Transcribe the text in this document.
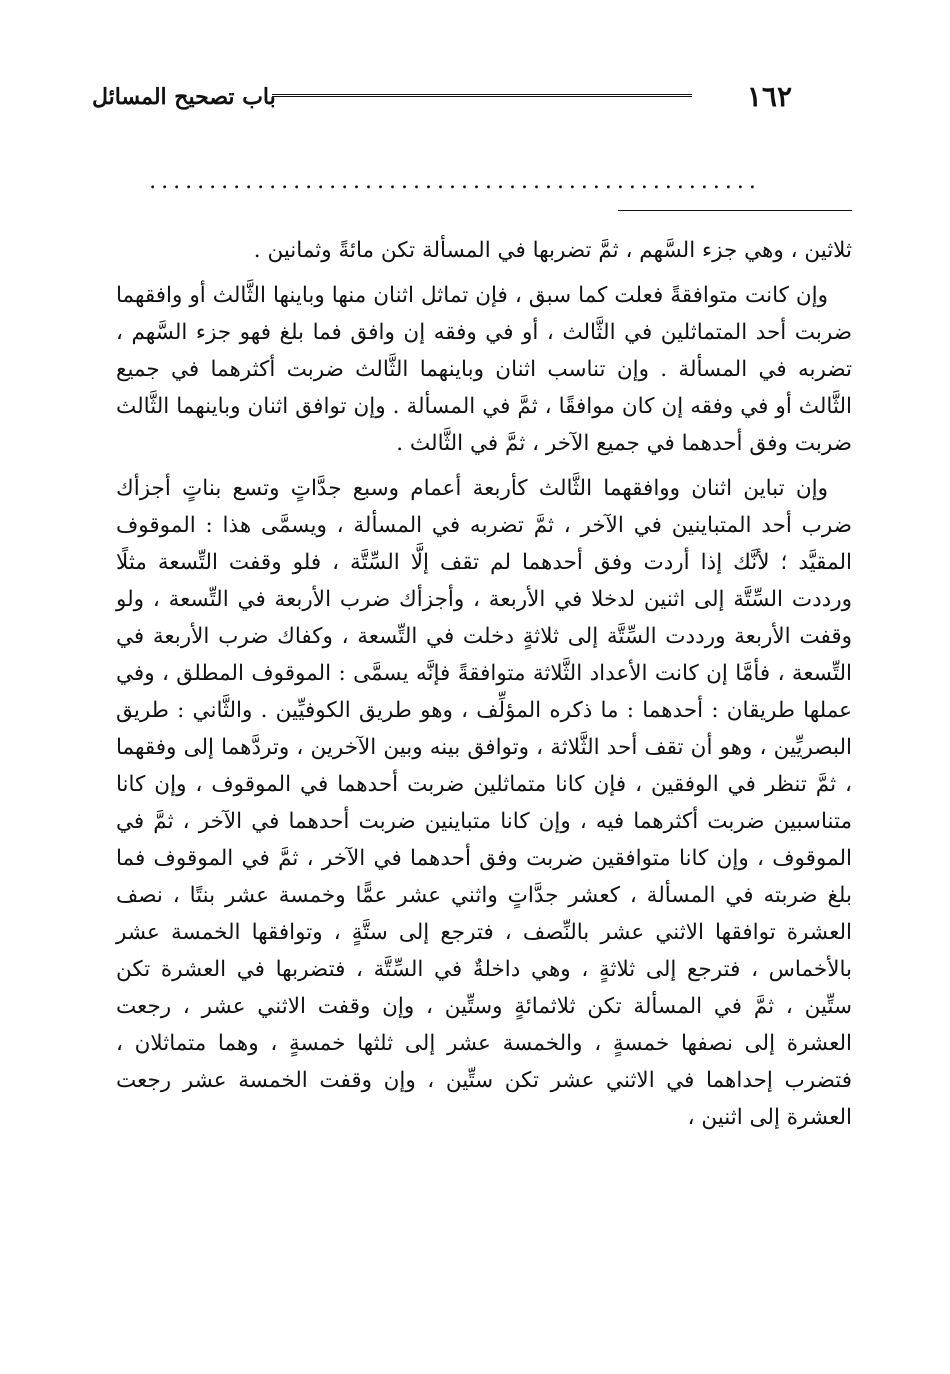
١٦٢
باب تصحيح المسائل
...................................................

ثلاثين ، وهي جزء السَّهم ، ثمَّ تضربها في المسألة تكن مائةً وثمانين .

وإن كانت متوافقةً فعلت كما سبق ، فإن تماثل اثنان منها وباينها الثَّالث أو وافقهما ضربت أحد المتماثلين في الثَّالث ، أو في وفقه إن وافق فما بلغ فهو جزء السَّهم ، تضربه في المسألة . وإن تناسب اثنان وباينهما الثَّالث ضربت أكثرهما في جميع الثَّالث أو في وفقه إن كان موافقًا ، ثمَّ في المسألة . وإن توافق اثنان وباينهما الثَّالث ضربت وفق أحدهما في جميع الآخر ، ثمَّ في الثَّالث .

وإن تباين اثنان ووافقهما الثَّالث كأربعة أعمام وسبع جدَّاتٍ وتسع بناتٍ أجزأك ضرب أحد المتباينين في الآخر ، ثمَّ تضربه في المسألة ، ويسمَّى هذا : الموقوف المقيَّد ؛ لأنَّك إذا أردت وفق أحدهما لم تقف إلَّا السِّتَّة ، فلو وقفت التِّسعة مثلًا ورددت السِّتَّة إلى اثنين لدخلا في الأربعة ، وأجزأك ضرب الأربعة في التِّسعة ، ولو وقفت الأربعة ورددت السِّتَّة إلى ثلاثةٍ دخلت في التِّسعة ، وكفاك ضرب الأربعة في التِّسعة ، فأمَّا إن كانت الأعداد الثَّلاثة متوافقةً فإنَّه يسمَّى : الموقوف المطلق ، وفي عملها طريقان : أحدهما : ما ذكره المؤلِّف ، وهو طريق الكوفيِّين . والثَّاني : طريق البصريِّين ، وهو أن تقف أحد الثَّلاثة ، وتوافق بينه وبين الآخرين ، وتردَّهما إلى وفقهما ، ثمَّ تنظر في الوفقين ، فإن كانا متماثلين ضربت أحدهما في الموقوف ، وإن كانا متناسبين ضربت أكثرهما فيه ، وإن كانا متباينين ضربت أحدهما في الآخر ، ثمَّ في الموقوف ، وإن كانا متوافقين ضربت وفق أحدهما في الآخر ، ثمَّ في الموقوف فما بلغ ضربته في المسألة ، كعشر جدَّاتٍ واثني عشر عمًّا وخمسة عشر بنتًا ، نصف العشرة توافقها الاثني عشر بالنِّصف ، فترجع إلى ستَّةٍ ، وتوافقها الخمسة عشر بالأخماس ، فترجع إلى ثلاثةٍ ، وهي داخلةٌ في السِّتَّة ، فتضربها في العشرة تكن ستِّين ، ثمَّ في المسألة تكن ثلاثمائةٍ وستِّين ، وإن وقفت الاثني عشر ، رجعت العشرة إلى نصفها خمسةٍ ، والخمسة عشر إلى ثلثها خمسةٍ ، وهما متماثلان ، فتضرب إحداهما في الاثني عشر تكن ستِّين ، وإن وقفت الخمسة عشر رجعت العشرة إلى اثنين ،
